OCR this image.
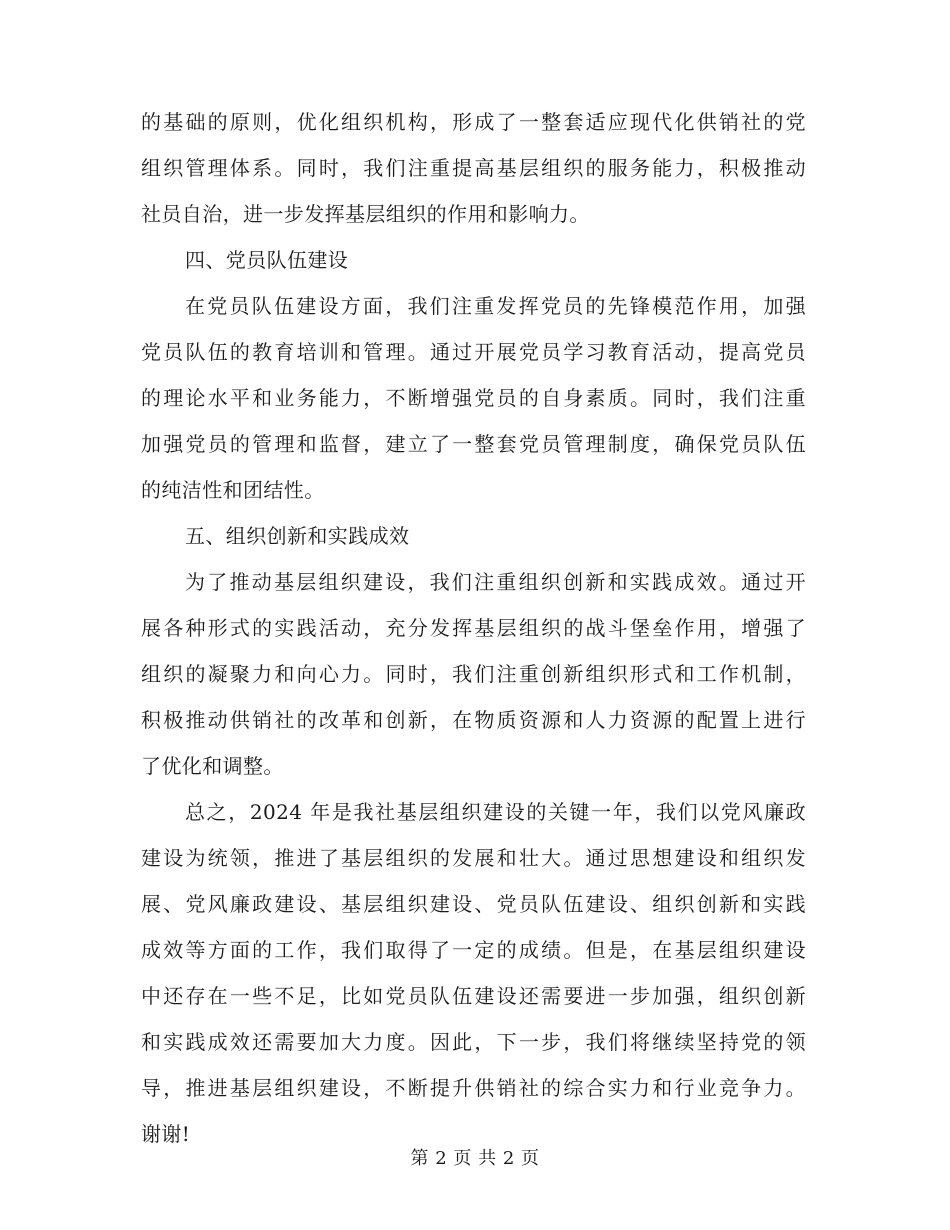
的基础的原则，优化组织机构，形成了一整套适应现代化供销社的党
组织管理体系。同时，我们注重提高基层组织的服务能力，积极推动
社员自治，进一步发挥基层组织的作用和影响力。
四、党员队伍建设
在党员队伍建设方面，我们注重发挥党员的先锋模范作用，加强
党员队伍的教育培训和管理。通过开展党员学习教育活动，提高党员
的理论水平和业务能力，不断增强党员的自身素质。同时，我们注重
加强党员的管理和监督，建立了一整套党员管理制度，确保党员队伍
的纯洁性和团结性。
五、组织创新和实践成效
为了推动基层组织建设，我们注重组织创新和实践成效。通过开
展各种形式的实践活动，充分发挥基层组织的战斗堡垒作用，增强了
组织的凝聚力和向心力。同时，我们注重创新组织形式和工作机制，
积极推动供销社的改革和创新，在物质资源和人力资源的配置上进行
了优化和调整。
总之，2024 年是我社基层组织建设的关键一年，我们以党风廉政
建设为统领，推进了基层组织的发展和壮大。通过思想建设和组织发
展、党风廉政建设、基层组织建设、党员队伍建设、组织创新和实践
成效等方面的工作，我们取得了一定的成绩。但是，在基层组织建设
中还存在一些不足，比如党员队伍建设还需要进一步加强，组织创新
和实践成效还需要加大力度。因此，下一步，我们将继续坚持党的领
导，推进基层组织建设，不断提升供销社的综合实力和行业竞争力。
谢谢!
第 2 页 共 2 页
